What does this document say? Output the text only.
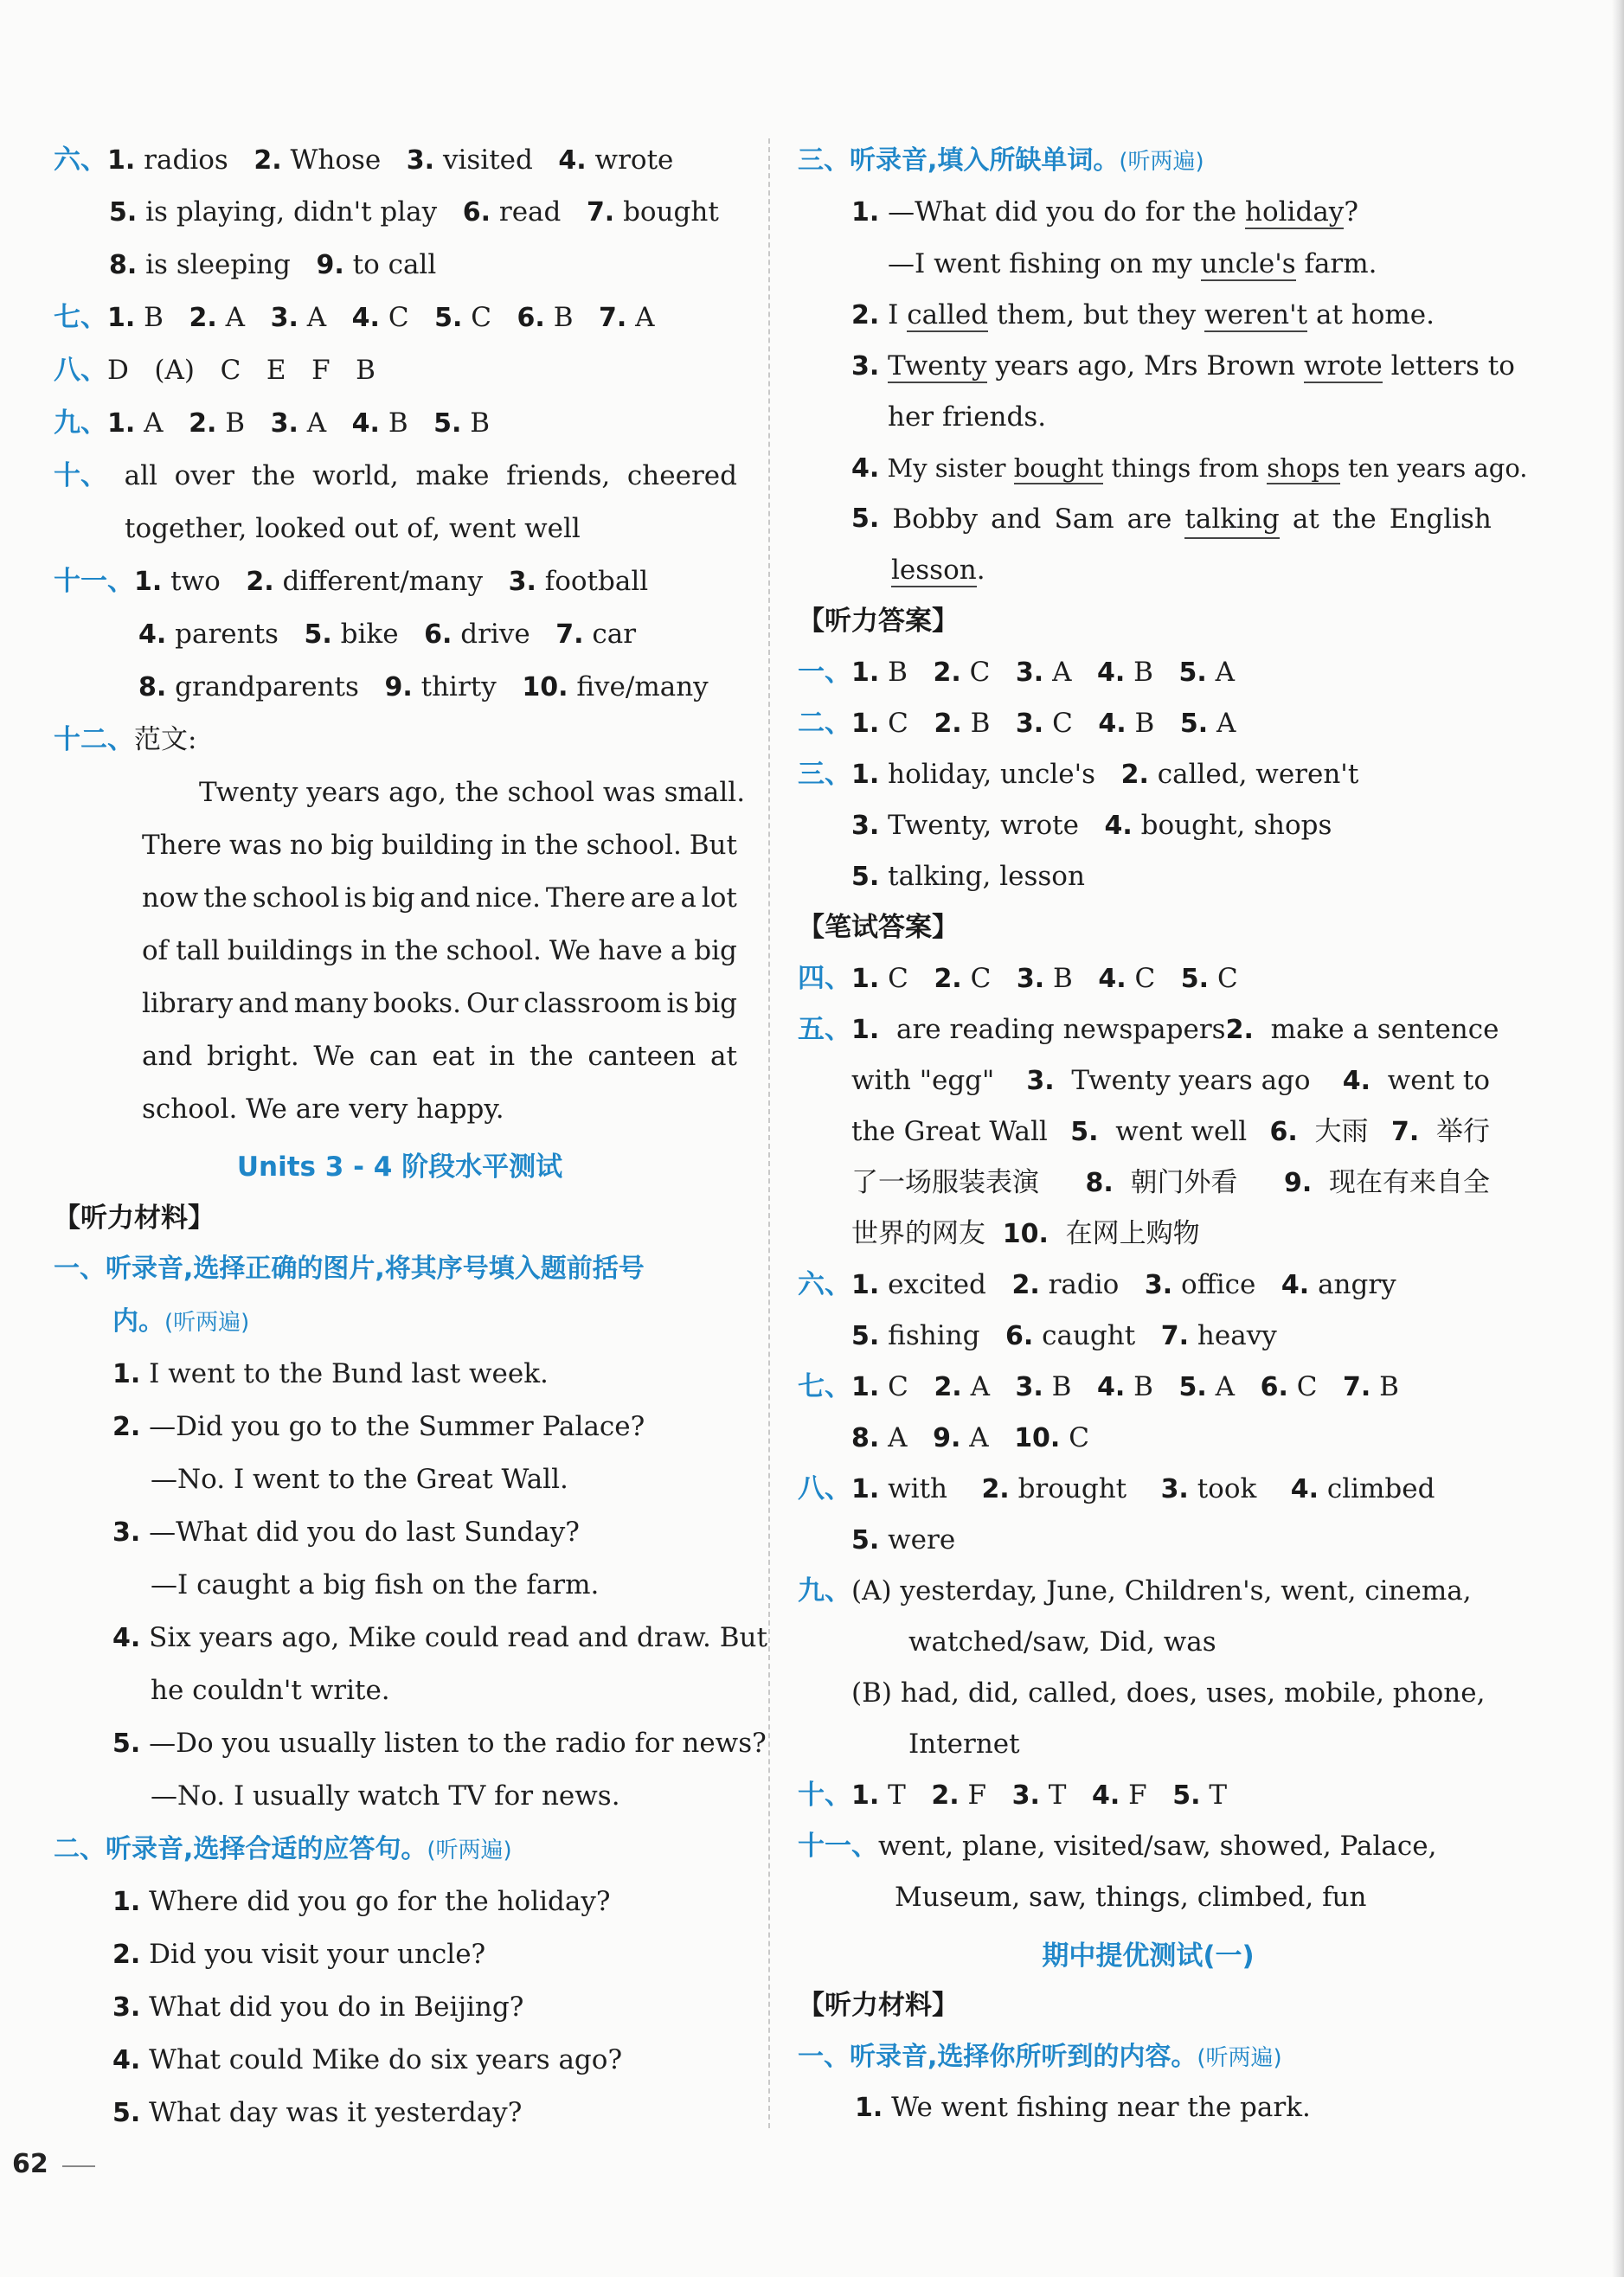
六、1. radios 2. Whose 3. visited 4. wrote
5. is playing, didn't play 6. read 7. bought
8. is sleeping 9. to call
七、1. B 2. A 3. A 4. C 5. C 6. B 7. A
八、D (A) C E F B
九、1. A 2. B 3. A 4. B 5. B
十、 all over the world, make friends, cheered
together, looked out of, went well
十一、1. two 2. different/many 3. football
4. parents 5. bike 6. drive 7. car
8. grandparents 9. thirty 10. five/many
十二、范文:
Twenty years ago, the school was small.
There was no big building in the school. But
now the school is big and nice. There are a lot
of tall buildings in the school. We have a big
library and many books. Our classroom is big
and bright. We can eat in the canteen at
school. We are very happy.
Units 3 - 4 阶段水平测试
【听力材料】
一、听录音,选择正确的图片,将其序号填入题前括号
内。(听两遍)
1. I went to the Bund last week.
2. —Did you go to the Summer Palace?
—No. I went to the Great Wall.
3. —What did you do last Sunday?
—I caught a big fish on the farm.
4. Six years ago, Mike could read and draw. But
he couldn't write.
5. —Do you usually listen to the radio for news?
—No. I usually watch TV for news.
二、听录音,选择合适的应答句。(听两遍)
1. Where did you go for the holiday?
2. Did you visit your uncle?
3. What did you do in Beijing?
4. What could Mike do six years ago?
5. What day was it yesterday?
三、听录音,填入所缺单词。(听两遍)
1. —What did you do for the holiday?
—I went fishing on my uncle's farm.
2. I called them, but they weren't at home.
3. Twenty years ago, Mrs Brown wrote letters to
her friends.
4. My sister bought things from shops ten years ago.
5. Bobby and Sam are talking at the English
lesson.
【听力答案】
一、1. B 2. C 3. A 4. B 5. A
二、1. C 2. B 3. C 4. B 5. A
三、1. holiday, uncle's 2. called, weren't
3. Twenty, wrote 4. bought, shops
5. talking, lesson
【笔试答案】
四、1. C 2. C 3. B 4. C 5. C
五、1. are reading newspapers 2. make a sentence
with "egg" 3. Twenty years ago 4. went to
the Great Wall 5. went well 6. 大雨 7. 举行
了一场服装表演 8. 朝门外看 9. 现在有来自全
世界的网友 10. 在网上购物
六、1. excited 2. radio 3. office 4. angry
5. fishing 6. caught 7. heavy
七、1. C 2. A 3. B 4. B 5. A 6. C 7. B
8. A 9. A 10. C
八、1. with 2. brought 3. took 4. climbed
5. were
九、(A) yesterday, June, Children's, went, cinema,
watched/saw, Did, was
(B) had, did, called, does, uses, mobile, phone,
Internet
十、1. T 2. F 3. T 4. F 5. T
十一、went, plane, visited/saw, showed, Palace,
Museum, saw, things, climbed, fun
期中提优测试(一)
【听力材料】
一、听录音,选择你所听到的内容。(听两遍)
1. We went fishing near the park.
62
